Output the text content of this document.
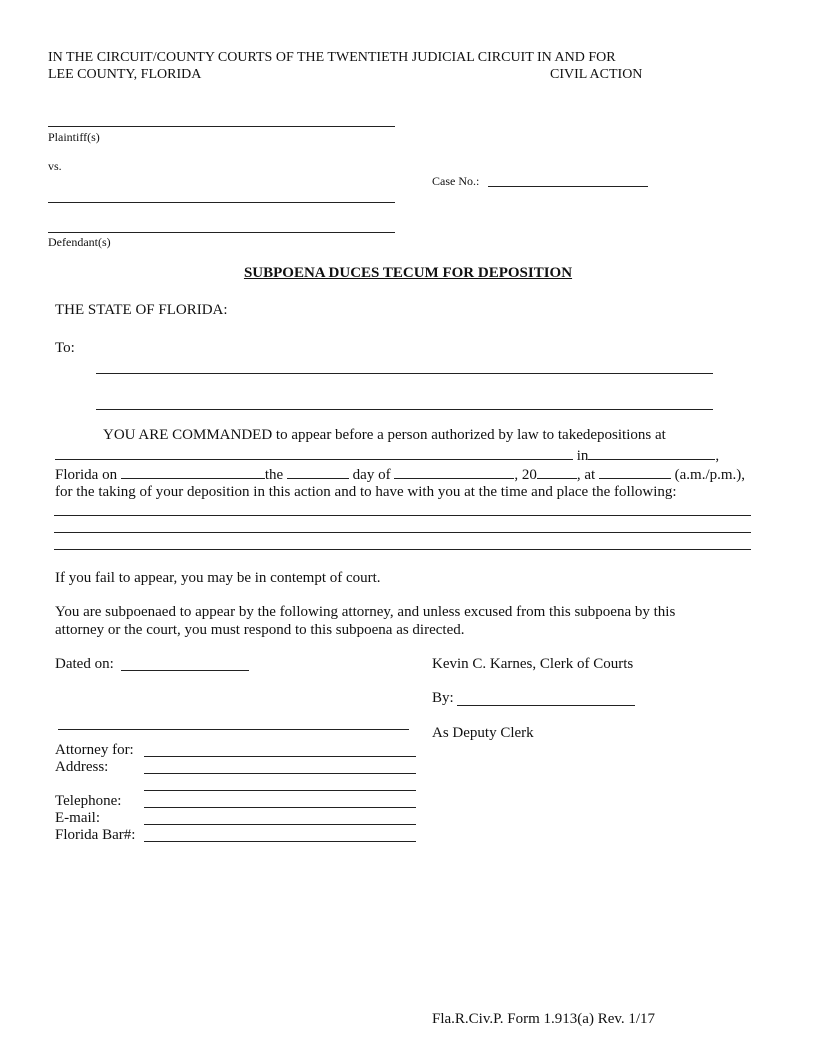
IN THE CIRCUIT/COUNTY COURTS OF THE TWENTIETH JUDICIAL CIRCUIT IN AND FOR
LEE COUNTY, FLORIDA	CIVIL ACTION
Plaintiff(s)
vs.
Case No.:
Defendant(s)
SUBPOENA DUCES TECUM FOR DEPOSITION
THE STATE OF FLORIDA:
To:
YOU ARE COMMANDED to appear before a person authorized by law to takedepositions at
in	,
Florida on	the	day of	, 20	, at	(a.m./p.m.),
for the taking of your deposition in this action and to have with you at the time and place the following:
If you fail to appear, you may be in contempt of court.
You are subpoenaed to appear by the following attorney, and unless excused from this subpoena by this
attorney or the court, you must respond to this subpoena as directed.
Dated on:	Kevin C. Karnes, Clerk of Courts
By:
As Deputy Clerk
Attorney for:
Address:
Telephone:
E-mail:
Florida Bar#:
Fla.R.Civ.P. Form 1.913(a) Rev. 1/17
